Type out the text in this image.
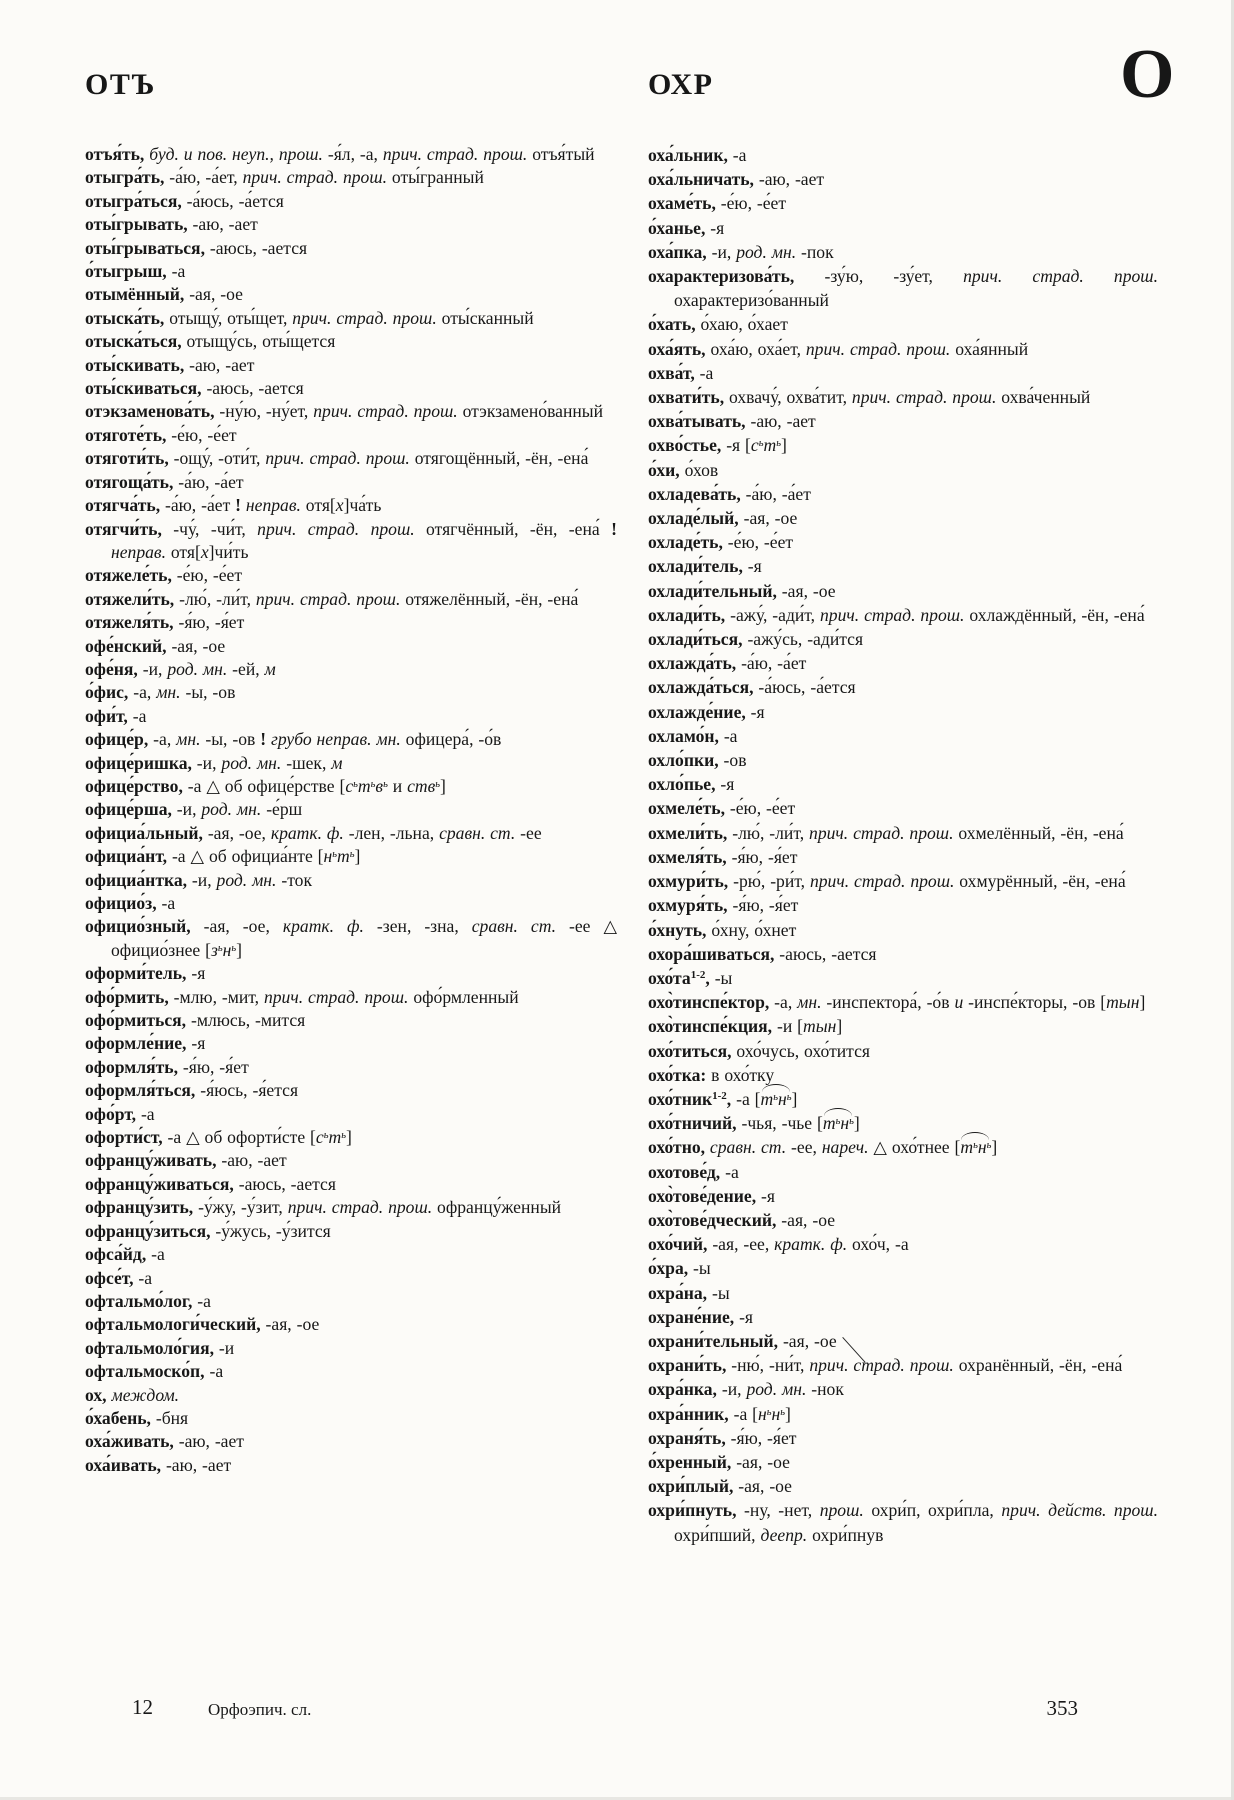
ОТЪ	ОХР	О

отъя́ть, буд. и пов. неуп., прош. -я́л, -а, прич. страд. прош. отъя́тый

отыгра́ть, -а́ю, -а́ет, прич. страд. прош. оты́гранный

отыгра́ться, -а́юсь, -а́ется

оты́грывать, -аю, -ает

оты́грываться, -аюсь, -ается

о́тыгрыш, -а

отымённый, -ая, -ое

отыска́ть, отыщу́, оты́щет, прич. страд. прош. оты́сканный

отыска́ться, отыщу́сь, оты́щется

оты́скивать, -аю, -ает

оты́скиваться, -аюсь, -ается

отэкзаменова́ть, -ну́ю, -ну́ет, прич. страд. прош. отэкзамено́ванный

отяготе́ть, -е́ю, -е́ет

отяготи́ть, -ощу́, -оти́т, прич. страд. прош. отягощённый, -ён, -ена́

отягоща́ть, -а́ю, -а́ет

отягча́ть, -а́ю, -а́ет ! неправ. отя[х]ча́ть

отягчи́ть, -чу́, -чи́т, прич. страд. прош. отягчённый, -ён, -ена́ ! неправ. отя[х]чи́ть

отяжеле́ть, -е́ю, -е́ет

отяжели́ть, -лю́, -ли́т, прич. страд. прош. отяжелённый, -ён, -ена́

отяжеля́ть, -я́ю, -я́ет

офе́нский, -ая, -ое

офе́ня, -и, род. мн. -ей, м

о́фис, -а, мн. -ы, -ов

офи́т, -а

офице́р, -а, мн. -ы, -ов ! грубо неправ. мн. офицера́, -о́в

офице́ришка, -и, род. мн. -шек, м

офице́рство, -а △ об офице́рстве [$с^ьт^ьв^ь$ и ств$^ь$]

офице́рша, -и, род. мн. -е́рш

официа́льный, -ая, -ое, кратк. ф. -лен, -льна, сравн. ст. -ее

официа́нт, -а △ об официа́нте $[н^ьт^ь]$

официа́нтка, -и, род. мн. -ток

официо́з, -а

официо́зный, -ая, -ое, кратк. ф. -зен, -зна, сравн. ст. -ее △ официо́знее $[з^ьн^ь]$

оформи́тель, -я

офо́рмить, -млю, -мит, прич. страд. прош. офо́рмленный

офо́рмиться, -млюсь, -мится

оформле́ние, -я

оформля́ть, -я́ю, -я́ет

оформля́ться, -я́юсь, -я́ется

офо́рт, -а

офорти́ст, -а △ об офорти́сте $[с^ьт^ь]$

офранцу́живать, -аю, -ает

офранцу́живаться, -аюсь, -ается

офранцу́зить, -у́жу, -у́зит, прич. страд. прош. офранцу́женный

офранцу́зиться, -у́жусь, -у́зится

офса́йд, -а

офсе́т, -а

офтальмо́лог, -а

офтальмологи́ческий, -ая, -ое

офтальмоло́гия, -и

офтальмоско́п, -а

ох, междом.

о́хабень, -бня

оха́живать, -аю, -ает

оха́ивать, -аю, -ает

оха́льник, -а

оха́льничать, -аю, -ает

охаме́ть, -е́ю, -е́ет

о́ханье, -я

оха́пка, -и, род. мн. -пок

охарактеризова́ть, -зу́ю, -зу́ет, прич. страд. прош. охарактеризо́ванный

о́хать, о́хаю, о́хает

оха́ять, оха́ю, оха́ет, прич. страд. прош. оха́янный

охва́т, -а

охвати́ть, охвачу́, охва́тит, прич. страд. прош. охва́ченный

охва́тывать, -аю, -ает

охво́стье, -я $[с^ьт^ь]$

о́хи, о́хов

охладева́ть, -а́ю, -а́ет

охладе́лый, -ая, -ое

охладе́ть, -е́ю, -е́ет

охлади́тель, -я

охлади́тельный, -ая, -ое

охлади́ть, -ажу́, -ади́т, прич. страд. прош. охлаждённый, -ён, -ена́

охлади́ться, -ажу́сь, -ади́тся

охлажда́ть, -а́ю, -а́ет

охлажда́ться, -а́юсь, -а́ется

охлажде́ние, -я

охламо́н, -а

охло́пки, -ов

охло́пье, -я

охмеле́ть, -е́ю, -е́ет

охмели́ть, -лю́, -ли́т, прич. страд. прош. охмелённый, -ён, -ена́

охмеля́ть, -я́ю, -я́ет

охмури́ть, -рю́, -ри́т, прич. страд. прош. охмурённый, -ён, -ена́

охмуря́ть, -я́ю, -я́ет

о́хнуть, о́хну, о́хнет

охора́шиваться, -аюсь, -ается

$охо́та^{1-2}$, -ы

охо̀тинспе́ктор, -а, мн. -инспектора́, -о́в и -инспе́кторы, -ов [тын]

охо̀тинспе́кция, -и [тын]

охо́титься, охо́чусь, охо́тится

охо́тка: в охо́тку

охо́тник$^{1-2}$, -а $[т^ьн^ь]$

охо́тничий, -чья, -чье $[т^ьн^ь]$

охо́тно, сравн. ст. -ее, нареч. △ охо́тнее $[т^ьн^ь]$

охотове́д, -а

охо̀тове́дение, -я

охо̀тове́дческий, -ая, -ое

охо́чий, -ая, -ее, кратк. ф. охо́ч, -а

о́хра, -ы

охра́на, -ы

охране́ние, -я

охрани́тельный, -ая, -ое

охрани́ть, -ню́, -ни́т, прич. страд. прош. охранённый, -ён, -ена́

охра́нка, -и, род. мн. -нок

охра́нник, -а $[н^ьн^ь]$

охраня́ть, -я́ю, -я́ет

о́хренный, -ая, -ое

охри́плый, -ая, -ое

охри́пнуть, -ну, -нет, прош. охри́п, охри́пла, прич. действ. прош. охри́пший, деепр. охри́пнув

12	Орфоэпич. сл.	353
